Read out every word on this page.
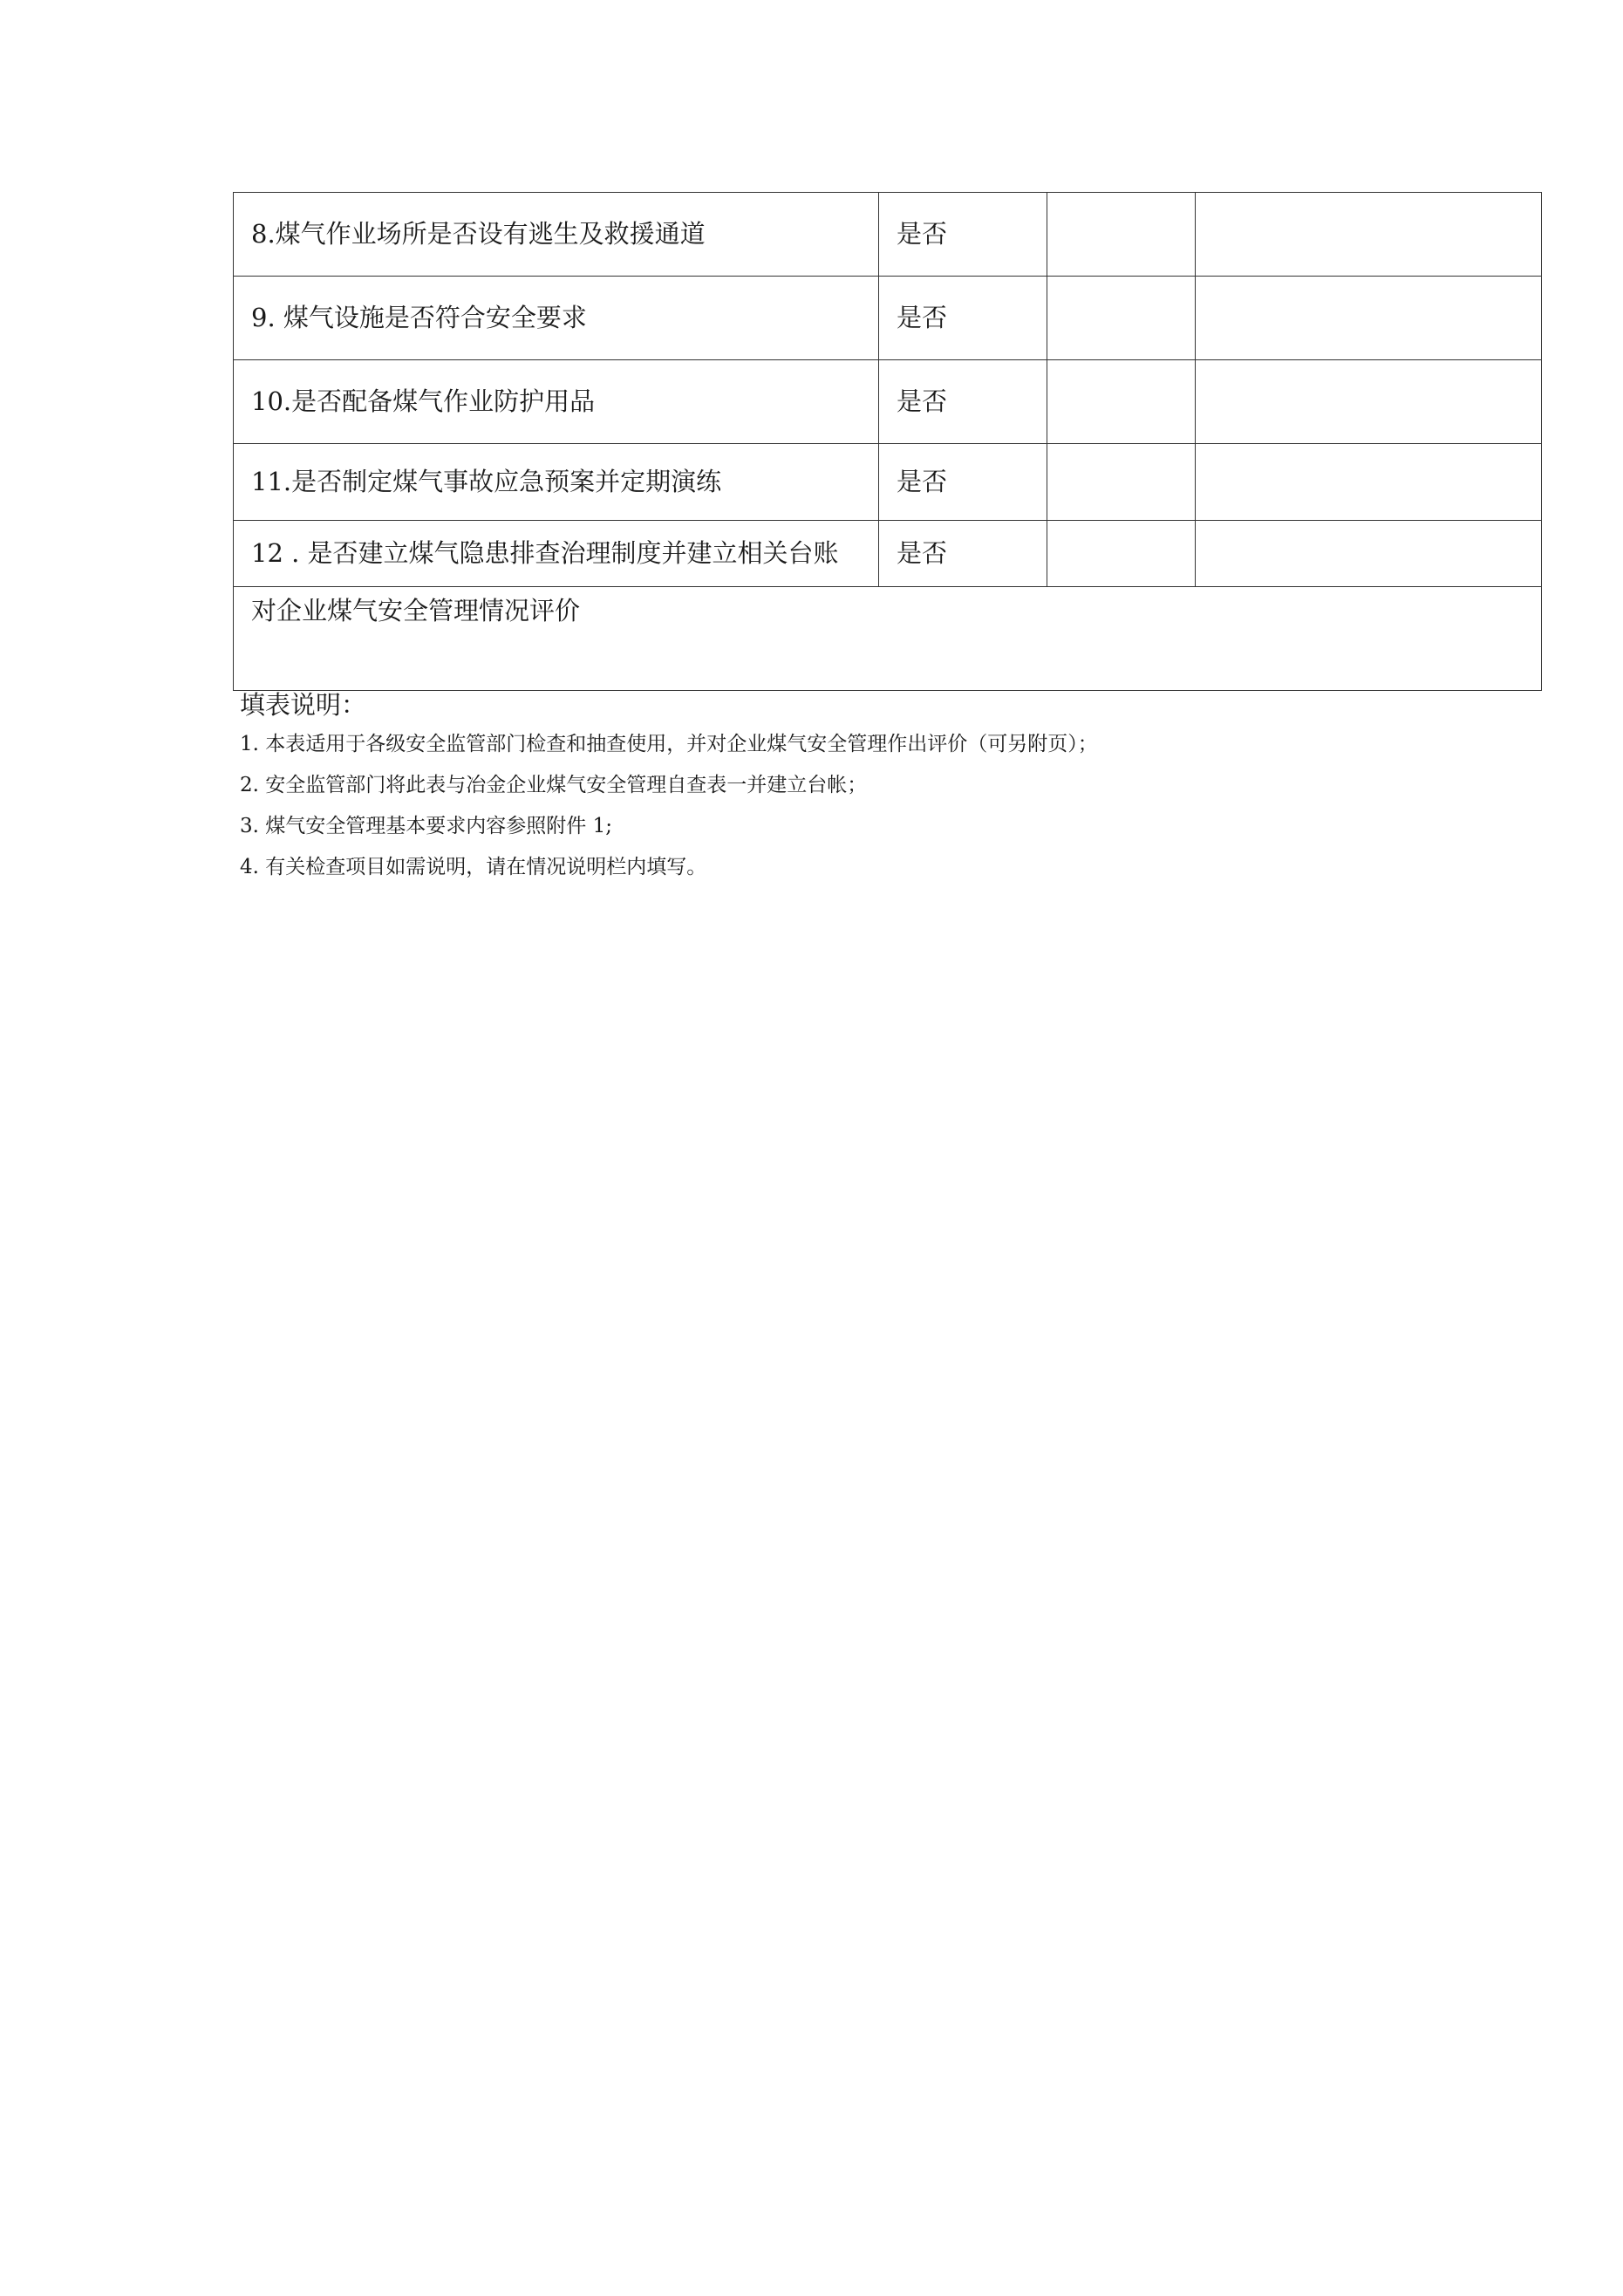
8.煤气作业场所是否设有逃生及救援通道	是否		
9. 煤气设施是否符合安全要求	是否		
10.是否配备煤气作业防护用品	是否		
11.是否制定煤气事故应急预案并定期演练	是否		
12 . 是否建立煤气隐患排查治理制度并建立相关台账	是否		
对企业煤气安全管理情况评价			

填表说明：

1. 本表适用于各级安全监管部门检查和抽查使用，并对企业煤气安全管理作出评价（可另附页）；

2. 安全监管部门将此表与冶金企业煤气安全管理自查表一并建立台帐；

3. 煤气安全管理基本要求内容参照附件 1;

4. 有关检查项目如需说明，请在情况说明栏内填写。
